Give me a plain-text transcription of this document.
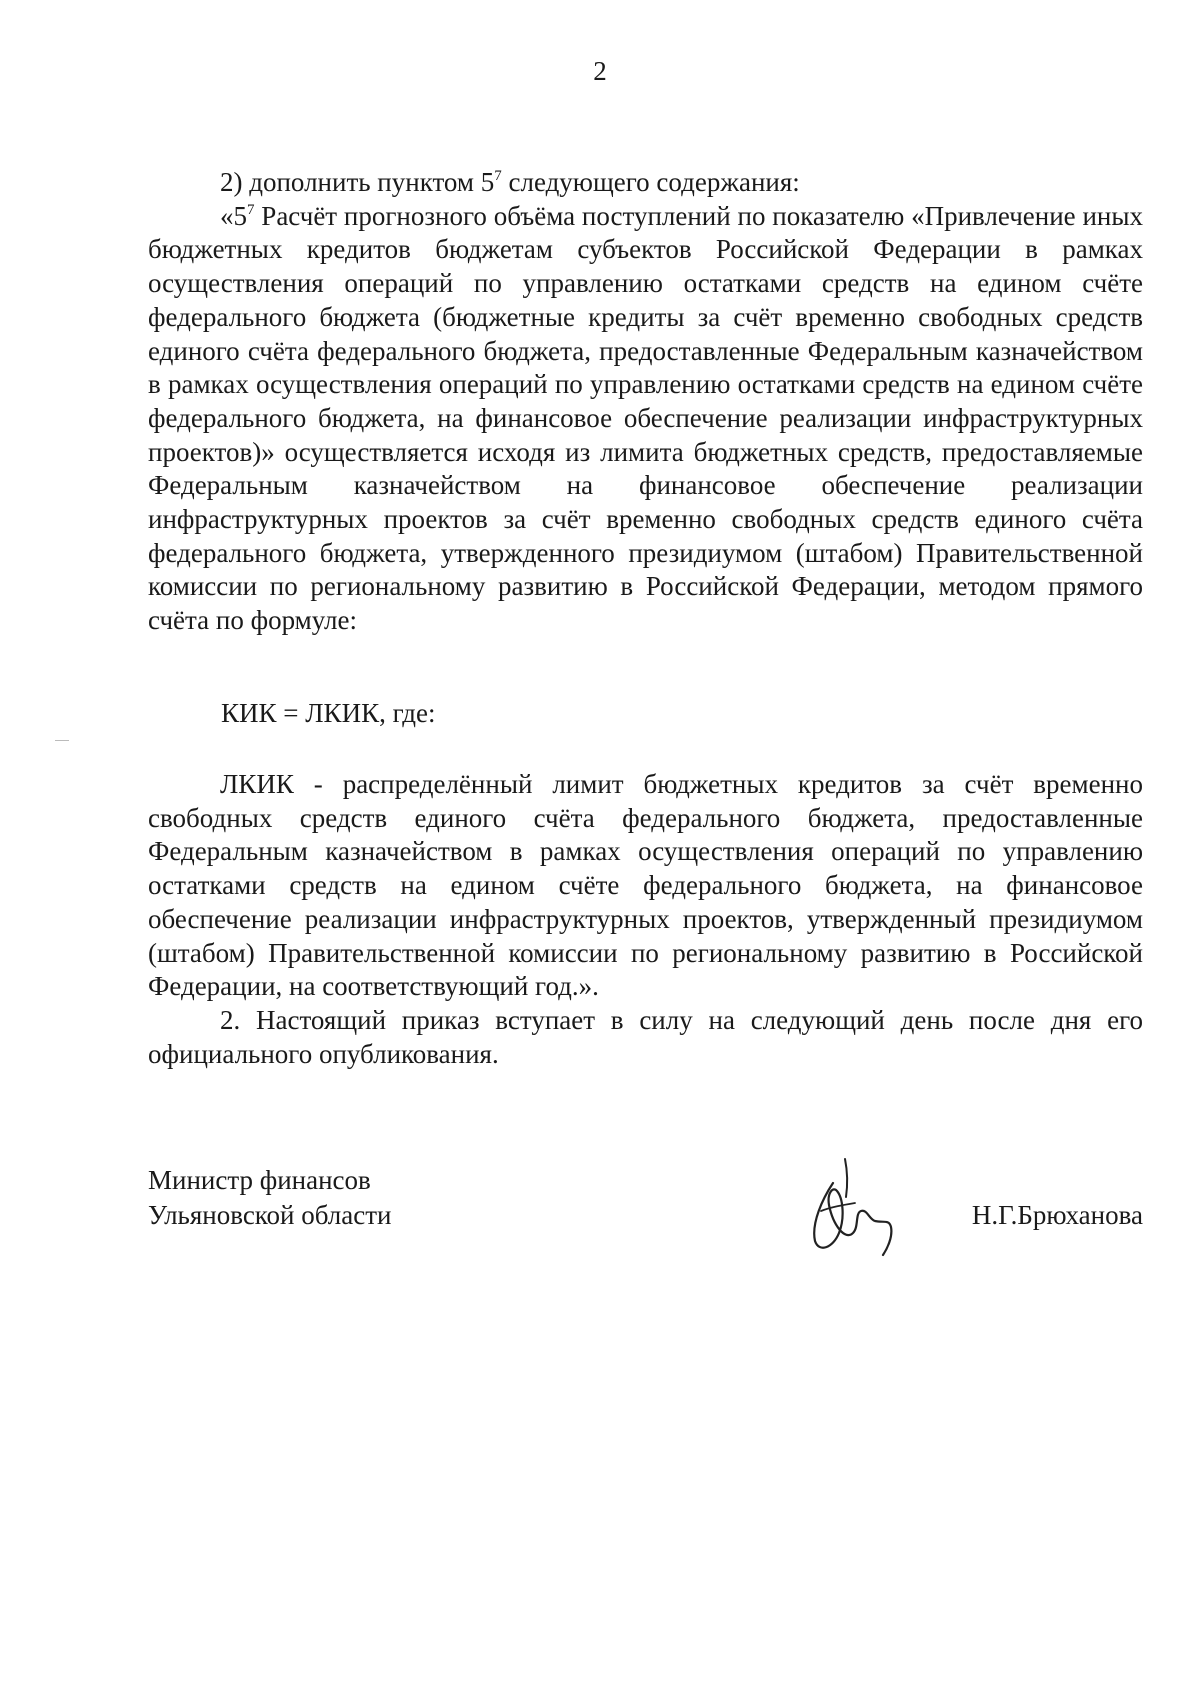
2

2) дополнить пунктом $5^7$ следующего содержания:

«$5^7$ Расчёт прогнозного объёма поступлений по показателю «Привлечение иных бюджетных кредитов бюджетам субъектов Российской Федерации в рамках осуществления операций по управлению остатками средств на едином счёте федерального бюджета (бюджетные кредиты за счёт временно свободных средств единого счёта федерального бюджета, предоставленные Федеральным казначейством в рамках осуществления операций по управлению остатками средств на едином счёте федерального бюджета, на финансовое обеспечение реализации инфраструктурных проектов)» осуществляется исходя из лимита бюджетных средств, предоставляемые Федеральным казначейством на финансовое обеспечение реализации инфраструктурных проектов за счёт временно свободных средств единого счёта федерального бюджета, утвержденного президиумом (штабом) Правительственной комиссии по региональному развитию в Российской Федерации, методом прямого счёта по формуле:

КИК = ЛКИК, где:

ЛКИК - распределённый лимит бюджетных кредитов за счёт временно свободных средств единого счёта федерального бюджета, предоставленные Федеральным казначейством в рамках осуществления операций по управлению остатками средств на едином счёте федерального бюджета, на финансовое обеспечение реализации инфраструктурных проектов, утвержденный президиумом (штабом) Правительственной комиссии по региональному развитию в Российской Федерации, на соответствующий год.».

2. Настоящий приказ вступает в силу на следующий день после дня его официального опубликования.

Министр финансов
Ульяновской области	Н.Г.Брюханова
